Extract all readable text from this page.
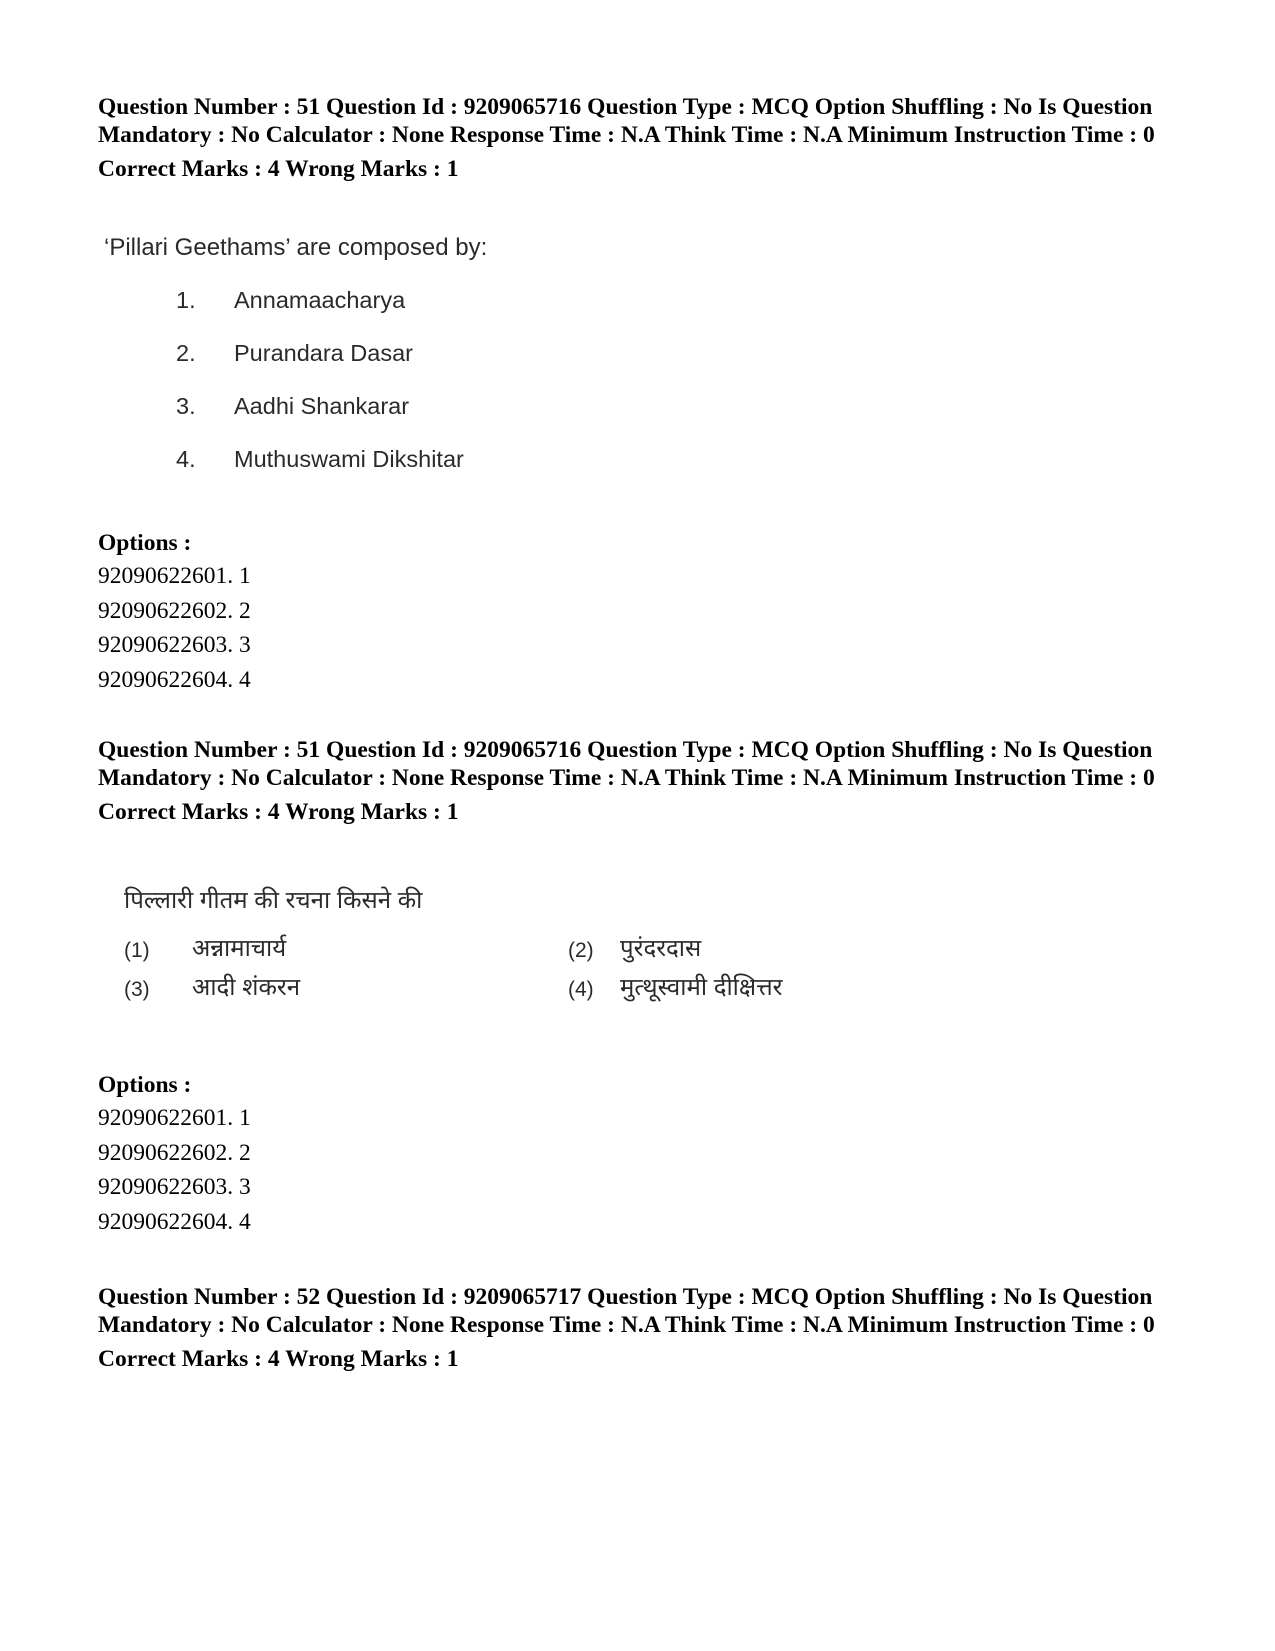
Question Number : 51 Question Id : 9209065716 Question Type : MCQ Option Shuffling : No Is Question Mandatory : No Calculator : None Response Time : N.A Think Time : N.A Minimum Instruction Time : 0

Correct Marks : 4 Wrong Marks : 1

‘Pillari Geethams’ are composed by:

1. Annamaacharya
2. Purandara Dasar
3. Aadhi Shankarar
4. Muthuswami Dikshitar

Options :

92090622601. 1

92090622602. 2

92090622603. 3

92090622604. 4

Question Number : 51 Question Id : 9209065716 Question Type : MCQ Option Shuffling : No Is Question Mandatory : No Calculator : None Response Time : N.A Think Time : N.A Minimum Instruction Time : 0

Correct Marks : 4 Wrong Marks : 1

पिल्लारी गीतम की रचना किसने की

(1) अन्नामाचार्य	(2) पुरंदरदास
(3) आदी शंकरन	(4) मुत्थूस्वामी दीक्षित्तर

Options :

92090622601. 1

92090622602. 2

92090622603. 3

92090622604. 4

Question Number : 52 Question Id : 9209065717 Question Type : MCQ Option Shuffling : No Is Question Mandatory : No Calculator : None Response Time : N.A Think Time : N.A Minimum Instruction Time : 0

Correct Marks : 4 Wrong Marks : 1
